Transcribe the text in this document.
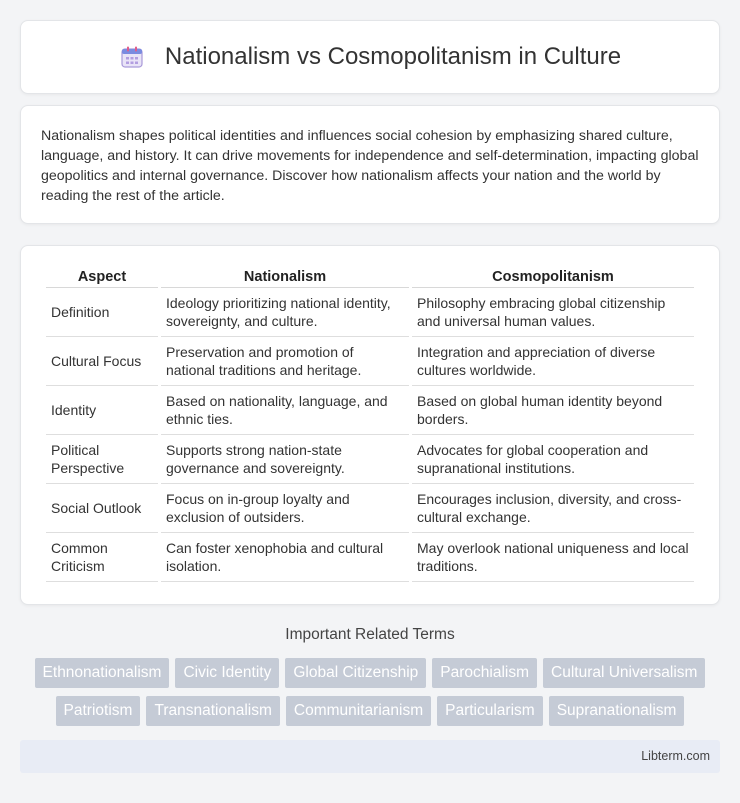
Nationalism vs Cosmopolitanism in Culture

Nationalism shapes political identities and influences social cohesion by emphasizing shared culture, language, and history. It can drive movements for independence and self-determination, impacting global geopolitics and internal governance. Discover how nationalism affects your nation and the world by reading the rest of the article.

Aspect	Nationalism	Cosmopolitanism
Definition	Ideology prioritizing national identity, sovereignty, and culture.	Philosophy embracing global citizenship and universal human values.
Cultural Focus	Preservation and promotion of national traditions and heritage.	Integration and appreciation of diverse cultures worldwide.
Identity	Based on nationality, language, and ethnic ties.	Based on global human identity beyond borders.
Political Perspective	Supports strong nation-state governance and sovereignty.	Advocates for global cooperation and supranational institutions.
Social Outlook	Focus on in-group loyalty and exclusion of outsiders.	Encourages inclusion, diversity, and cross-cultural exchange.
Common Criticism	Can foster xenophobia and cultural isolation.	May overlook national uniqueness and local traditions.
Important Related Terms
Ethnonationalism	Civic Identity	Global Citizenship	Parochialism	Cultural Universalism
Patriotism	Transnationalism	Communitarianism	Particularism	Supranationalism
Libterm.com
